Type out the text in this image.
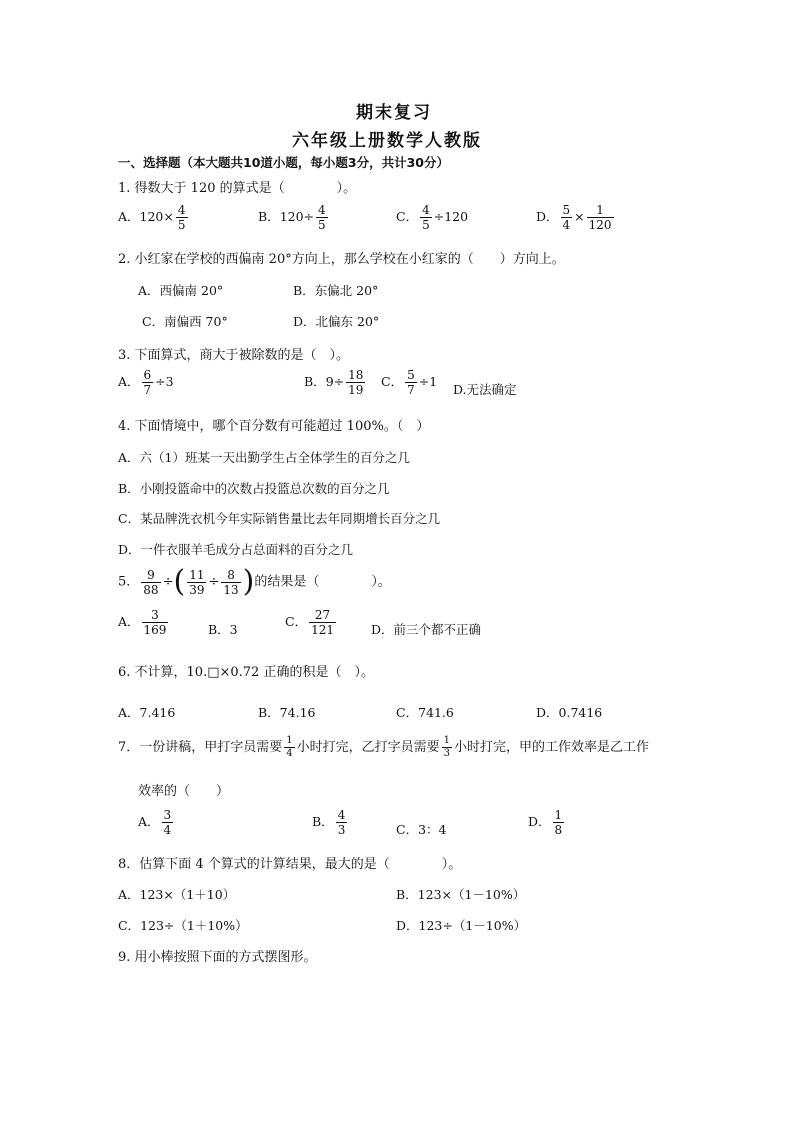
期末复习
六年级上册数学人教版
一、选择题（本大题共10道小题，每小题3分，共计30分）
1. 得数大于 120 的算式是（　　　　）。
A．$120\times \frac{4}{5}$	B．$120\div \frac{4}{5}$	C． $\frac{4}{5} \div 120$	D． $\frac{5}{4} \times \frac{1}{120}$
2. 小红家在学校的西偏南 20°方向上，那么学校在小红家的（　　）方向上。
A．西偏南 20°	B．东偏北 20°
C．南偏西 70°	D．北偏东 20°
3. 下面算式，商大于被除数的是（　）。
A． $\frac{6}{7} \div 3$	B．$9\div \frac{18}{19}$ C． $\frac{5}{7} \div 1$
D.无法确定
4. 下面情境中，哪个百分数有可能超过 100%。（　）
A．六（1）班某一天出勤学生占全体学生的百分之几
B．小刚投篮命中的次数占投篮总次数的百分之几
C．某品牌洗衣机今年实际销售量比去年同期增长百分之几
D．一件衣服羊毛成分占总面料的百分之几
5． $\frac{9}{88}$ ÷( $\frac{11}{39} \div \frac{8}{13}$ )的结果是（　　　　）。
A． $\frac{3}{169}$	B．3
C． $\frac{27}{121}$	D．前三个都不正确
6. 不计算，10.□×0.72 正确的积是（　）。
A．7.416	B．74.16	C．741.6	D．0.7416
7．一份讲稿，甲打字员需要 $\frac{1}{4}$ 小时打完，乙打字员需要 $\frac{1}{3}$ 小时打完，甲的工作效率是乙工作
效率的（　　）
A． $\frac{3}{4}$	B． $\frac{4}{3}$	C．3：4
D． $\frac{1}{8}$
8．估算下面 4 个算式的计算结果，最大的是（　　　　）。
A．123×（1＋10）	B．123×（1－10%）
C．123÷（1＋10%）	D．123÷（1－10%）
9. 用小棒按照下面的方式摆图形。
